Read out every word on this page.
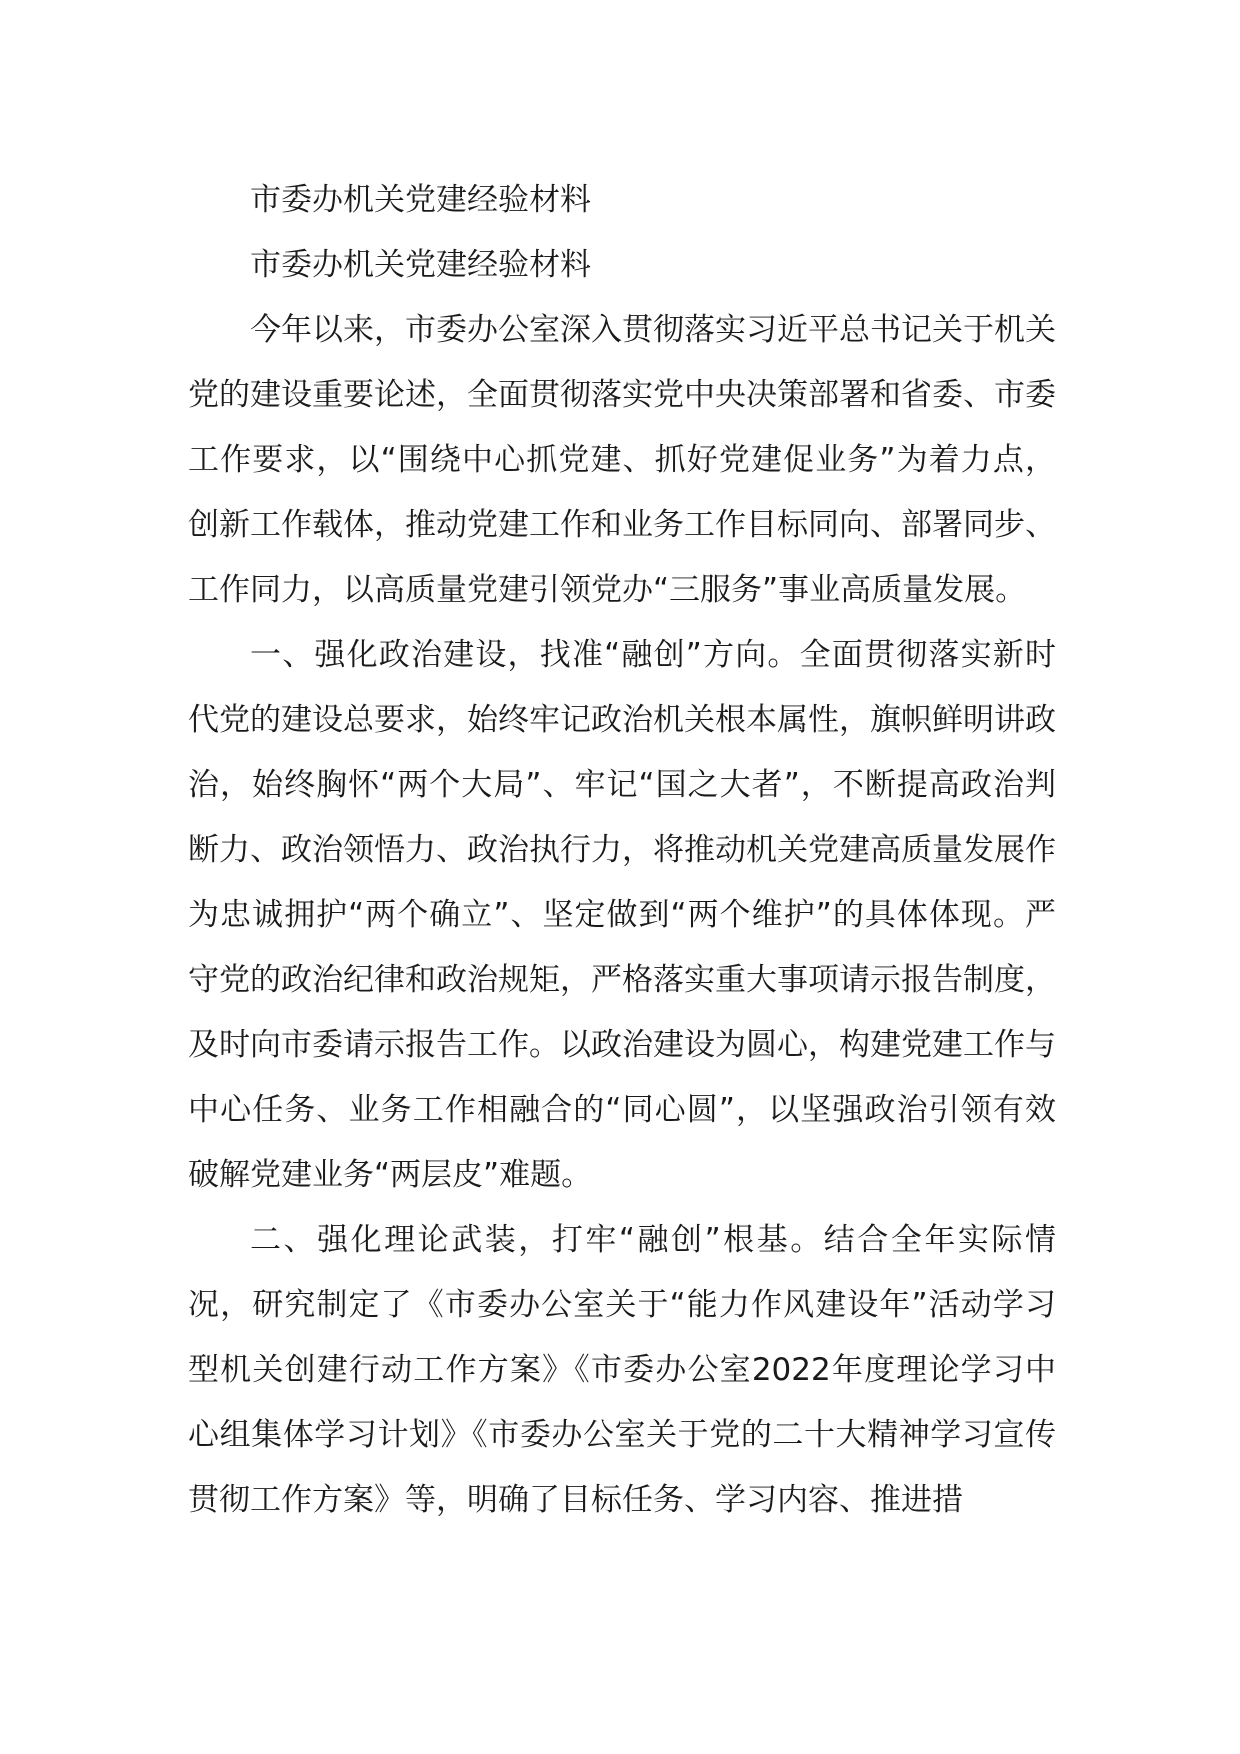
市委办机关党建经验材料

市委办机关党建经验材料

今年以来，市委办公室深入贯彻落实习近平总书记关于机关党的建设重要论述，全面贯彻落实党中央决策部署和省委、市委工作要求，以“围绕中心抓党建、抓好党建促业务”为着力点，创新工作载体，推动党建工作和业务工作目标同向、部署同步、工作同力，以高质量党建引领党办“三服务”事业高质量发展。

一、强化政治建设，找准“融创”方向。全面贯彻落实新时代党的建设总要求，始终牢记政治机关根本属性，旗帜鲜明讲政治，始终胸怀“两个大局”、牢记“国之大者”，不断提高政治判断力、政治领悟力、政治执行力，将推动机关党建高质量发展作为忠诚拥护“两个确立”、坚定做到“两个维护”的具体体现。严守党的政治纪律和政治规矩，严格落实重大事项请示报告制度，及时向市委请示报告工作。以政治建设为圆心，构建党建工作与中心任务、业务工作相融合的“同心圆”，以坚强政治引领有效破解党建业务“两层皮”难题。

二、强化理论武装，打牢“融创”根基。结合全年实际情况，研究制定了《市委办公室关于“能力作风建设年”活动学习型机关创建行动工作方案》《市委办公室2022年度理论学习中心组集体学习计划》《市委办公室关于党的二十大精神学习宣传贯彻工作方案》等，明确了目标任务、学习内容、推进措
